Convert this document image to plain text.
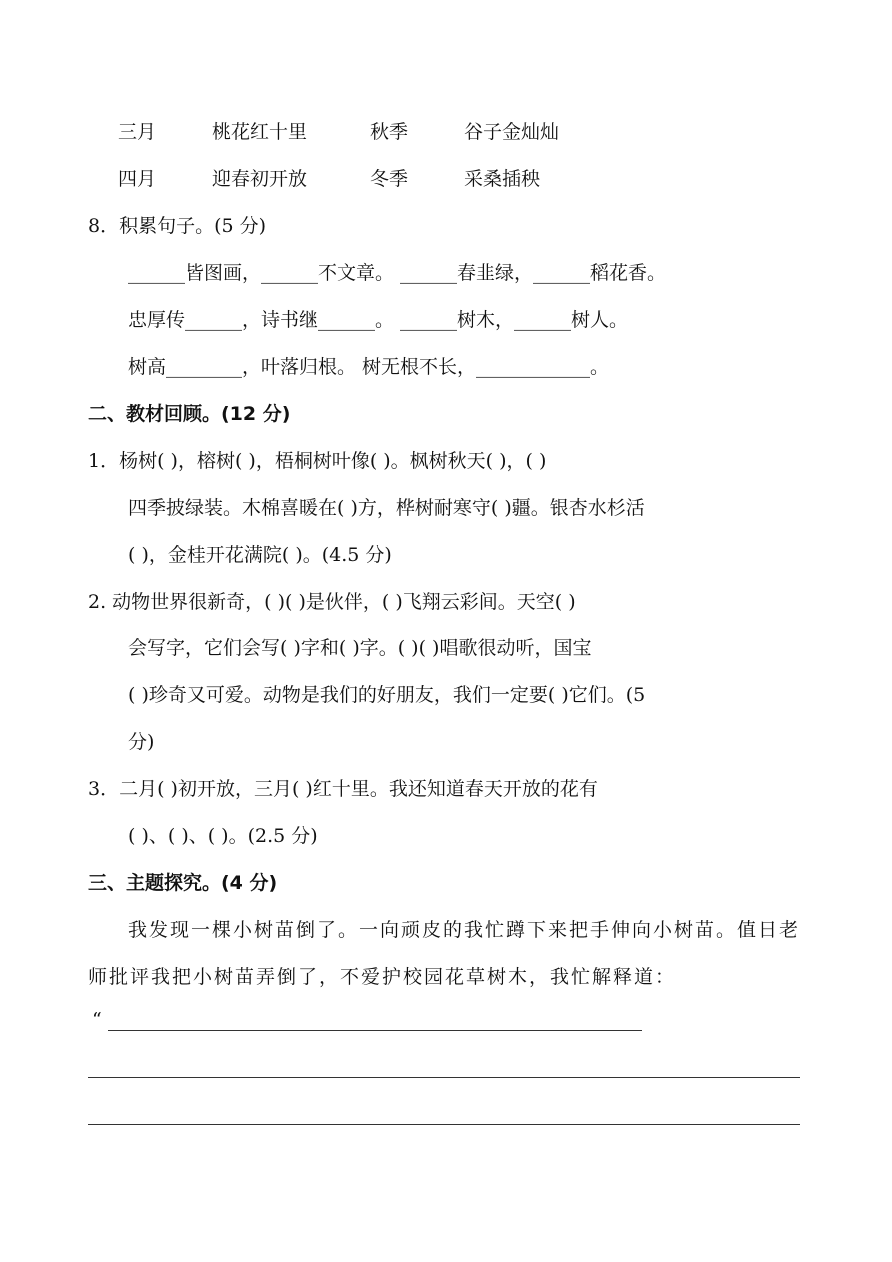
三月	桃花红十里	秋季	谷子金灿灿
四月	迎春初开放	冬季	采桑插秧
8．积累句子。(5 分)
______皆图画，______不文章。 ______春韭绿，______稻花香。
忠厚传______，诗书继______。 ______树木，______树人。
树高________，叶落归根。 树无根不长，____________。
二、教材回顾。(12 分)
1．杨树( )，榕树( )，梧桐树叶像( )。枫树秋天( )，( )
四季披绿装。木棉喜暖在( )方，桦树耐寒守( )疆。银杏水杉活
( )，金桂开花满院( )。(4.5 分)
2. 动物世界很新奇，( )( )是伙伴，( )飞翔云彩间。天空( )
会写字，它们会写( )字和( )字。( )( )唱歌很动听，国宝
( )珍奇又可爱。动物是我们的好朋友，我们一定要( )它们。(5
分)
3．二月( )初开放，三月( )红十里。我还知道春天开放的花有
( )、( )、( )。(2.5 分)
三、主题探究。(4 分)
我发现一棵小树苗倒了。一向顽皮的我忙蹲下来把手伸向小树苗。值日老
师批评我把小树苗弄倒了，不爱护校园花草树木，我忙解释道：
“
